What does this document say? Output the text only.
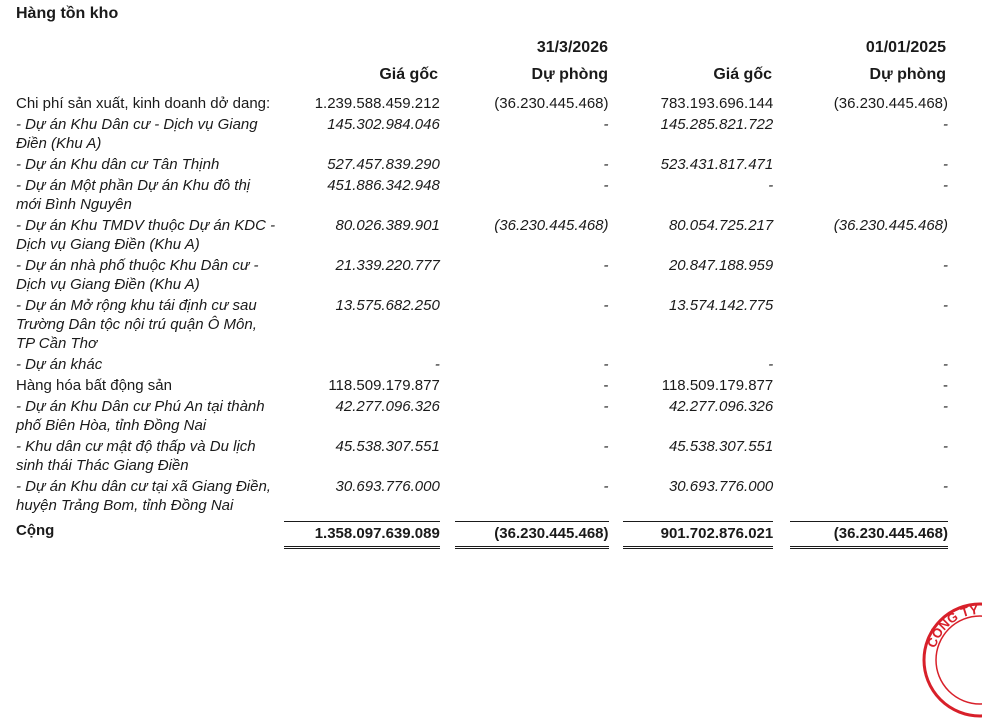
Hàng tồn kho
31/3/2026	01/01/2025
Giá gốc	Dự phòng	Giá gốc	Dự phòng
Chi phí sản xuất, kinh doanh dở dang:	1.239.588.459.212	(36.230.445.468)	783.193.696.144	(36.230.445.468)
- Dự án Khu Dân cư - Dịch vụ Giang Điền (Khu A)	145.302.984.046	-	145.285.821.722	-
- Dự án Khu dân cư Tân Thịnh	527.457.839.290	-	523.431.817.471	-
- Dự án Một phần Dự án Khu đô thị mới Bình Nguyên	451.886.342.948	-	-	-
- Dự án Khu TMDV thuộc Dự án KDC - Dịch vụ Giang Điền (Khu A)	80.026.389.901	(36.230.445.468)	80.054.725.217	(36.230.445.468)
- Dự án nhà phố thuộc Khu Dân cư - Dịch vụ Giang Điền (Khu A)	21.339.220.777	-	20.847.188.959	-
- Dự án Mở rộng khu tái định cư sau Trường Dân tộc nội trú quận Ô Môn, TP Cần Thơ	13.575.682.250	-	13.574.142.775	-
- Dự án khác	-	-	-	-
Hàng hóa bất động sản	118.509.179.877	-	118.509.179.877	-
- Dự án Khu Dân cư Phú An tại thành phố Biên Hòa, tỉnh Đồng Nai	42.277.096.326	-	42.277.096.326	-
- Khu dân cư mật độ thấp và Du lịch sinh thái Thác Giang Điền	45.538.307.551	-	45.538.307.551	-
- Dự án Khu dân cư tại xã Giang Điền, huyện Trảng Bom, tỉnh Đồng Nai	30.693.776.000	-	30.693.776.000	-
Cộng	1.358.097.639.089	(36.230.445.468)	901.702.876.021	(36.230.445.468)
CÔNG TY
